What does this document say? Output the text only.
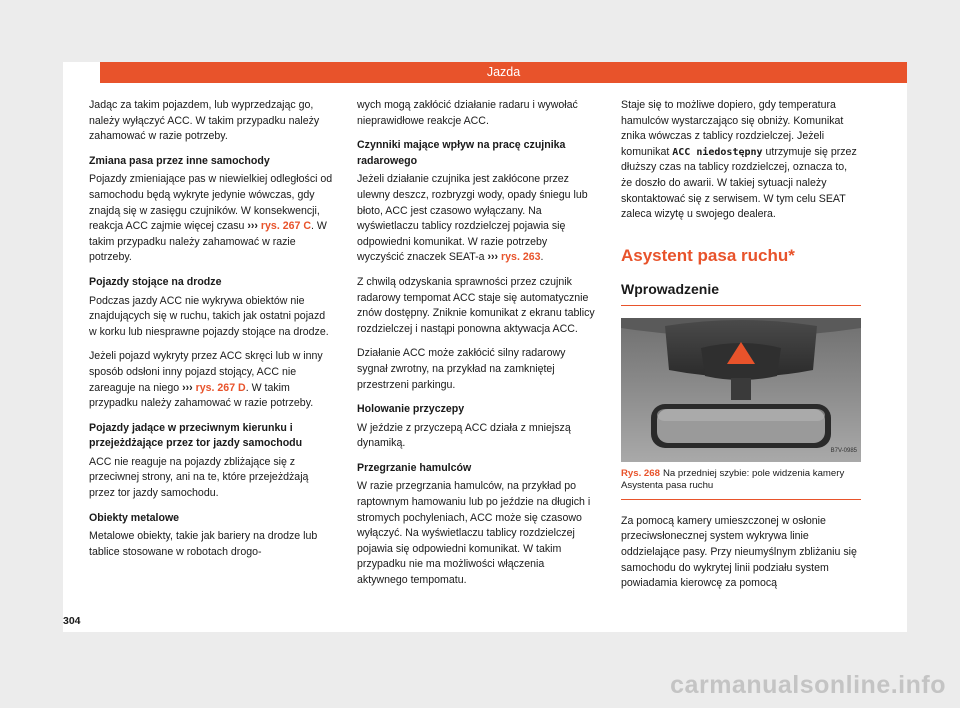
Jazda

Jadąc za takim pojazdem, lub wyprzedzając go, należy wyłączyć ACC. W takim przypadku należy zahamować w razie potrzeby.

Zmiana pasa przez inne samochody

Pojazdy zmieniające pas w niewielkiej odległości od samochodu będą wykryte jedynie wówczas, gdy znajdą się w zasięgu czujników. W konsekwencji, reakcja ACC zajmie więcej czasu ››› rys. 267 C. W takim przypadku należy zahamować w razie potrzeby.

Pojazdy stojące na drodze

Podczas jazdy ACC nie wykrywa obiektów nie znajdujących się w ruchu, takich jak ostatni pojazd w korku lub niesprawne pojazdy stojące na drodze.

Jeżeli pojazd wykryty przez ACC skręci lub w inny sposób odsłoni inny pojazd stojący, ACC nie zareaguje na niego ››› rys. 267 D. W takim przypadku należy zahamować w razie potrzeby.

Pojazdy jadące w przeciwnym kierunku i przejeżdżające przez tor jazdy samochodu

ACC nie reaguje na pojazdy zbliżające się z przeciwnej strony, ani na te, które przejeżdżają przez tor jazdy samochodu.

Obiekty metalowe

Metalowe obiekty, takie jak bariery na drodze lub tablice stosowane w robotach drogo-

wych mogą zakłócić działanie radaru i wywołać nieprawidłowe reakcje ACC.

Czynniki mające wpływ na pracę czujnika radarowego

Jeżeli działanie czujnika jest zakłócone przez ulewny deszcz, rozbryzgi wody, opady śniegu lub błoto, ACC jest czasowo wyłączany. Na wyświetlaczu tablicy rozdzielczej pojawia się odpowiedni komunikat. W razie potrzeby wyczyścić znaczek SEAT-a ››› rys. 263.

Z chwilą odzyskania sprawności przez czujnik radarowy tempomat ACC staje się automatycznie znów dostępny. Zniknie komunikat z ekranu tablicy rozdzielczej i nastąpi ponowna aktywacja ACC.

Działanie ACC może zakłócić silny radarowy sygnał zwrotny, na przykład na zamkniętej przestrzeni parkingu.

Holowanie przyczepy

W jeździe z przyczepą ACC działa z mniejszą dynamiką.

Przegrzanie hamulców

W razie przegrzania hamulców, na przykład po raptownym hamowaniu lub po jeździe na długich i stromych pochyleniach, ACC może się czasowo wyłączyć. Na wyświetlaczu tablicy rozdzielczej pojawia się odpowiedni komunikat. W takim przypadku nie ma możliwości włączenia aktywnego tempomatu.

Staje się to możliwe dopiero, gdy temperatura hamulców wystarczająco się obniży. Komunikat znika wówczas z tablicy rozdzielczej. Jeżeli komunikat ACC niedostępny utrzymuje się przez dłuższy czas na tablicy rozdzielczej, oznacza to, że doszło do awarii. W takiej sytuacji należy skontaktować się z serwisem. W tym celu SEAT zaleca wizytę u swojego dealera.

Asystent pasa ruchu*
Wprowadzenie
B7V-0985
Rys. 268 Na przedniej szybie: pole widzenia kamery Asystenta pasa ruchu

Za pomocą kamery umieszczonej w osłonie przeciwsłonecznej system wykrywa linie oddzielające pasy. Przy nieumyślnym zbliżaniu się samochodu do wykrytej linii podziału system powiadamia kierowcę za pomocą

304
carmanualsonline.info
